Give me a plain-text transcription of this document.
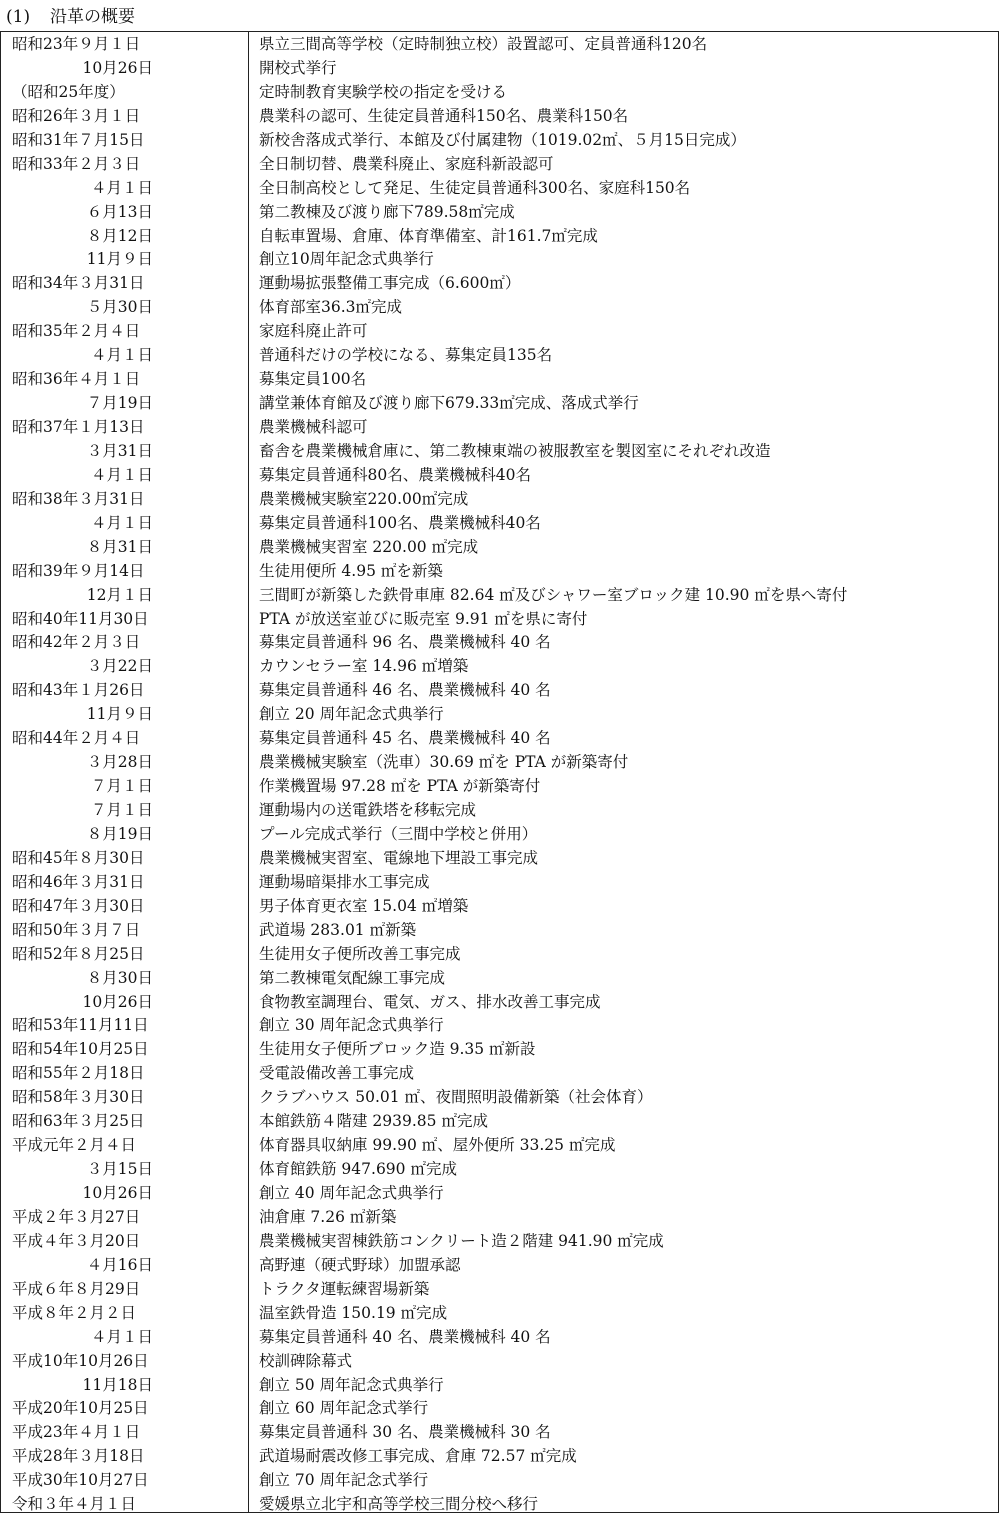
(1) 沿革の概要
昭和23年９月１日	県立三間高等学校（定時制独立校）設置認可、定員普通科120名
10月26日	開校式挙行
（昭和25年度）	定時制教育実験学校の指定を受ける
昭和26年３月１日	農業科の認可、生徒定員普通科150名、農業科150名
昭和31年７月15日	新校舎落成式挙行、本館及び付属建物（1019.02㎡、５月15日完成）
昭和33年２月３日	全日制切替、農業科廃止、家庭科新設認可
４月１日	全日制高校として発足、生徒定員普通科300名、家庭科150名
６月13日	第二教棟及び渡り廊下789.58㎡完成
８月12日	自転車置場、倉庫、体育準備室、計161.7㎡完成
11月９日	創立10周年記念式典挙行
昭和34年３月31日	運動場拡張整備工事完成（6.600㎡）
５月30日	体育部室36.3㎡完成
昭和35年２月４日	家庭科廃止許可
４月１日	普通科だけの学校になる、募集定員135名
昭和36年４月１日	募集定員100名
７月19日	講堂兼体育館及び渡り廊下679.33㎡完成、落成式挙行
昭和37年１月13日	農業機械科認可
３月31日	畜舎を農業機械倉庫に、第二教棟東端の被服教室を製図室にそれぞれ改造
４月１日	募集定員普通科80名、農業機械科40名
昭和38年３月31日	農業機械実験室220.00㎡完成
４月１日	募集定員普通科100名、農業機械科40名
８月31日	農業機械実習室 220.00 ㎡完成
昭和39年９月14日	生徒用便所 4.95 ㎡を新築
12月１日	三間町が新築した鉄骨車庫 82.64 ㎡及びシャワー室ブロック建 10.90 ㎡を県へ寄付
昭和40年11月30日	PTA が放送室並びに販売室 9.91 ㎡を県に寄付
昭和42年２月３日	募集定員普通科 96 名、農業機械科 40 名
３月22日	カウンセラー室 14.96 ㎡増築
昭和43年１月26日	募集定員普通科 46 名、農業機械科 40 名
11月９日	創立 20 周年記念式典挙行
昭和44年２月４日	募集定員普通科 45 名、農業機械科 40 名
３月28日	農業機械実験室（洗車）30.69 ㎡を PTA が新築寄付
７月１日	作業機置場 97.28 ㎡を PTA が新築寄付
７月１日	運動場内の送電鉄塔を移転完成
８月19日	プール完成式挙行（三間中学校と併用）
昭和45年８月30日	農業機械実習室、電線地下埋設工事完成
昭和46年３月31日	運動場暗渠排水工事完成
昭和47年３月30日	男子体育更衣室 15.04 ㎡増築
昭和50年３月７日	武道場 283.01 ㎡新築
昭和52年８月25日	生徒用女子便所改善工事完成
８月30日	第二教棟電気配線工事完成
10月26日	食物教室調理台、電気、ガス、排水改善工事完成
昭和53年11月11日	創立 30 周年記念式典挙行
昭和54年10月25日	生徒用女子便所ブロック造 9.35 ㎡新設
昭和55年２月18日	受電設備改善工事完成
昭和58年３月30日	クラブハウス 50.01 ㎡、夜間照明設備新築（社会体育）
昭和63年３月25日	本館鉄筋４階建 2939.85 ㎡完成
平成元年２月４日	体育器具収納庫 99.90 ㎡、屋外便所 33.25 ㎡完成
３月15日	体育館鉄筋 947.690 ㎡完成
10月26日	創立 40 周年記念式典挙行
平成２年３月27日	油倉庫 7.26 ㎡新築
平成４年３月20日	農業機械実習棟鉄筋コンクリート造２階建 941.90 ㎡完成
４月16日	高野連（硬式野球）加盟承認
平成６年８月29日	トラクタ運転練習場新築
平成８年２月２日	温室鉄骨造 150.19 ㎡完成
４月１日	募集定員普通科 40 名、農業機械科 40 名
平成10年10月26日	校訓碑除幕式
11月18日	創立 50 周年記念式典挙行
平成20年10月25日	創立 60 周年記念式挙行
平成23年４月１日	募集定員普通科 30 名、農業機械科 30 名
平成28年３月18日	武道場耐震改修工事完成、倉庫 72.57 ㎡完成
平成30年10月27日	創立 70 周年記念式挙行
令和３年４月１日	愛媛県立北宇和高等学校三間分校へ移行
